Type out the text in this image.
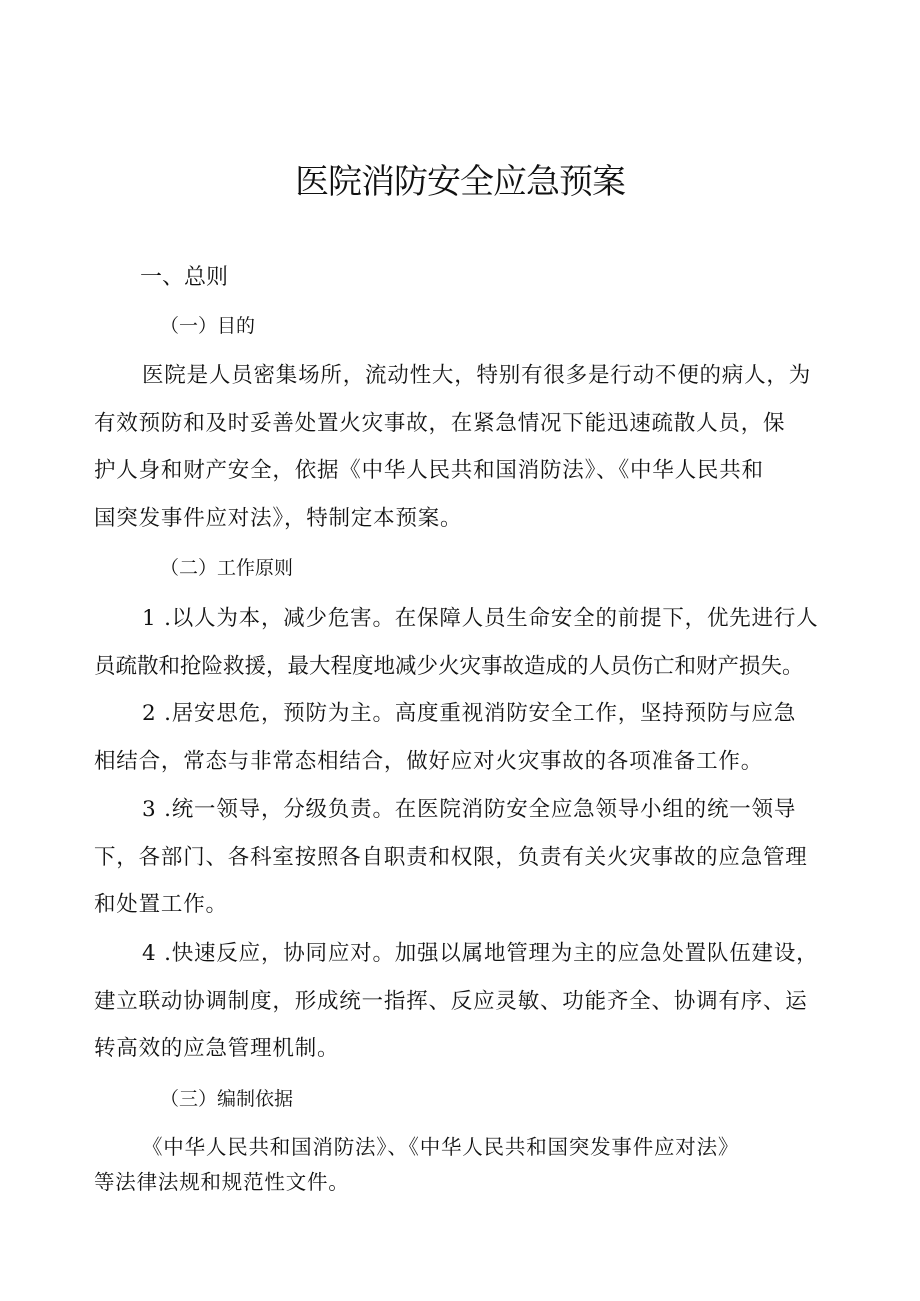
医院消防安全应急预案
一、总则
（一）目的

医院是人员密集场所，流动性大，特别有很多是行动不便的病人，为
有效预防和及时妥善处置火灾事故，在紧急情况下能迅速疏散人员，保
护人身和财产安全，依据《中华人民共和国消防法》、《中华人民共和
国突发事件应对法》，特制定本预案。

（二）工作原则

1 .以人为本，减少危害。在保障人员生命安全的前提下，优先进行人
员疏散和抢险救援，最大程度地减少火灾事故造成的人员伤亡和财产损失。

2 .居安思危，预防为主。高度重视消防安全工作，坚持预防与应急
相结合，常态与非常态相结合，做好应对火灾事故的各项准备工作。

3 .统一领导，分级负责。在医院消防安全应急领导小组的统一领导
下，各部门、各科室按照各自职责和权限，负责有关火灾事故的应急管理
和处置工作。

4 .快速反应，协同应对。加强以属地管理为主的应急处置队伍建设，
建立联动协调制度，形成统一指挥、反应灵敏、功能齐全、协调有序、运
转高效的应急管理机制。

（三）编制依据

《中华人民共和国消防法》、《中华人民共和国突发事件应对法》
等法律法规和规范性文件。
